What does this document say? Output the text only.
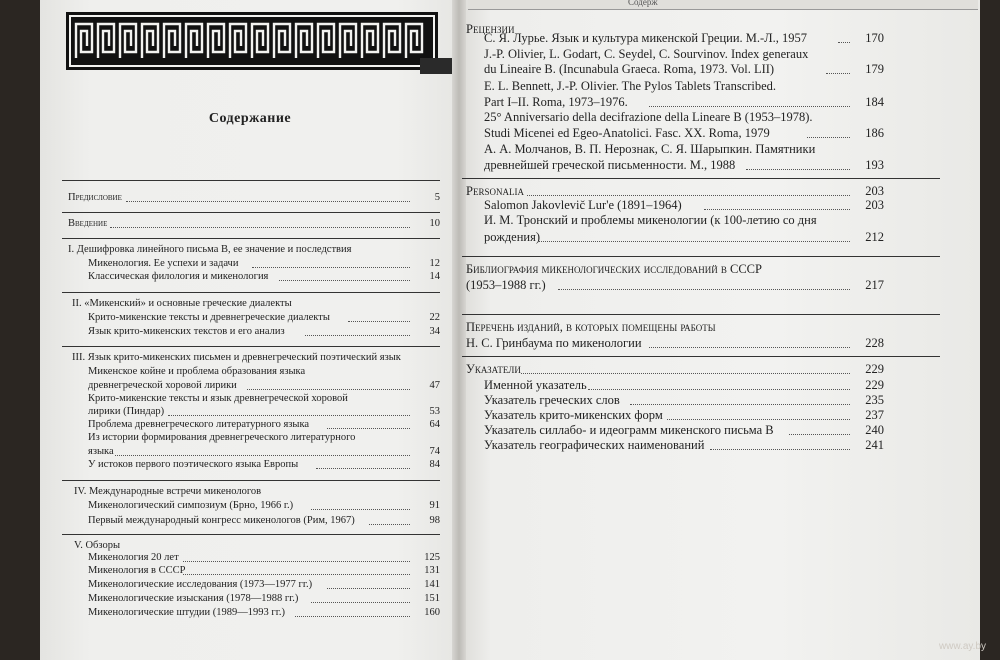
Содерж
Содержание
Предисловие	5
Введение	10
I. Дешифровка линейного письма B, ее значение и последствия
Микенология. Ее успехи и задачи	12
Классическая филология и микенология	14
II. «Микенский» и основные греческие диалекты
Крито-микенские тексты и древнегреческие диалекты	22
Язык крито-микенских текстов и его анализ	34
III. Язык крито-микенских письмен и древнегреческий поэтический язык
Микенское койне и проблема образования языка
древнегреческой хоровой лирики	47
Крито-микенские тексты и язык древнегреческой хоровой
лирики (Пиндар)	53
Проблема древнегреческого литературного языка	64
Из истории формирования древнегреческого литературного
языка	74
У истоков первого поэтического языка Европы	84
IV. Международные встречи микенологов
Микенологический симпозиум (Брно, 1966 г.)	91
Первый международный конгресс микенологов (Рим, 1967)	98
V. Обзоры
Микенология 20 лет	125
Микенология в СССР	131
Микенологические исследования (1973—1977 гг.)	141
Микенологические изыскания (1978—1988 гг.)	151
Микенологические штудии (1989—1993 гг.)	160
Рецензии
С. Я. Лурье. Язык и культура микенской Греции. М.-Л., 1957	170
J.-P. Olivier, L. Godart, C. Seydel, C. Sourvinov. Index generaux
du Lineaire B. (Incunabula Graeca. Roma, 1973. Vol. LII)	179
E. L. Bennett, J.-P. Olivier. The Pylos Tablets Transcribed.
Part I–II. Roma, 1973–1976.	184
25° Anniversario della decifrazione della Lineare B (1953–1978).
Studi Micenei ed Egeo-Anatolici. Fasc. XX. Roma, 1979	186
А. А. Молчанов, В. П. Нерознак, С. Я. Шарыпкин. Памятники
древнейшей греческой письменности. М., 1988	193
Personalia	203
Salomon Jakovlevič Lur'e (1891–1964)	203
И. М. Тронский и проблемы микенологии (к 100-летию со дня
рождения)	212
Библиография микенологических исследований в СССР
(1953–1988 гг.)	217
Перечень изданий, в которых помещены работы
Н. С. Гринбаума по микенологии	228
Указатели	229
Именной указатель	229
Указатель греческих слов	235
Указатель крито-микенских форм	237
Указатель силлабо- и идеограмм микенского письма B	240
Указатель географических наименований	241
www.ay.by
